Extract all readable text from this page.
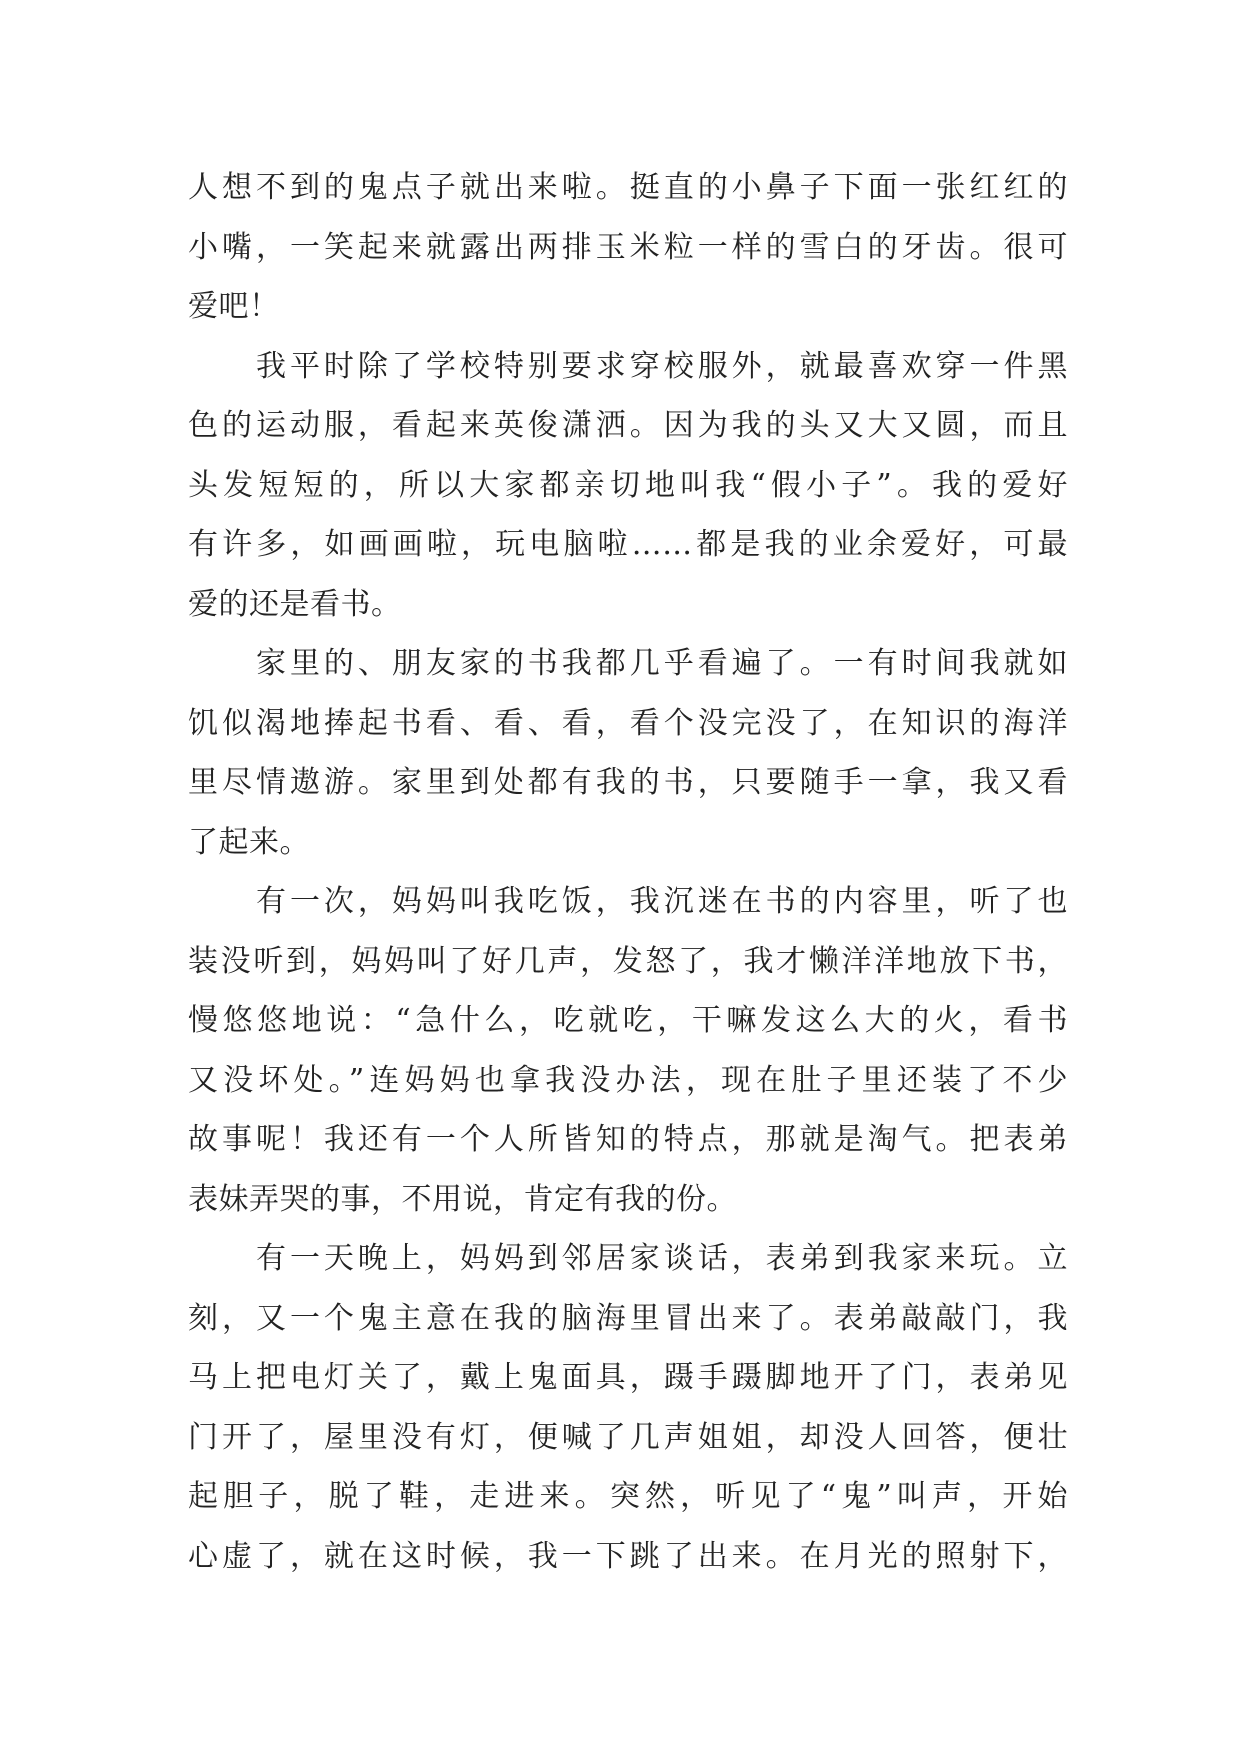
人想不到的鬼点子就出来啦。挺直的小鼻子下面一张红红的
小嘴，一笑起来就露出两排玉米粒一样的雪白的牙齿。很可
爱吧！
　　我平时除了学校特别要求穿校服外，就最喜欢穿一件黑
色的运动服，看起来英俊潇洒。因为我的头又大又圆，而且
头发短短的，所以大家都亲切地叫我“假小子”。我的爱好
有许多，如画画啦，玩电脑啦……都是我的业余爱好，可最
爱的还是看书。
　　家里的、朋友家的书我都几乎看遍了。一有时间我就如
饥似渴地捧起书看、看、看，看个没完没了，在知识的海洋
里尽情遨游。家里到处都有我的书，只要随手一拿，我又看
了起来。
　　有一次，妈妈叫我吃饭，我沉迷在书的内容里，听了也
装没听到，妈妈叫了好几声，发怒了，我才懒洋洋地放下书，
慢悠悠地说：“急什么，吃就吃，干嘛发这么大的火，看书
又没坏处。”连妈妈也拿我没办法，现在肚子里还装了不少
故事呢！我还有一个人所皆知的特点，那就是淘气。把表弟
表妹弄哭的事，不用说，肯定有我的份。
　　有一天晚上，妈妈到邻居家谈话，表弟到我家来玩。立
刻，又一个鬼主意在我的脑海里冒出来了。表弟敲敲门，我
马上把电灯关了，戴上鬼面具，蹑手蹑脚地开了门，表弟见
门开了，屋里没有灯，便喊了几声姐姐，却没人回答，便壮
起胆子，脱了鞋，走进来。突然，听见了“鬼”叫声，开始
心虚了，就在这时候，我一下跳了出来。在月光的照射下，
